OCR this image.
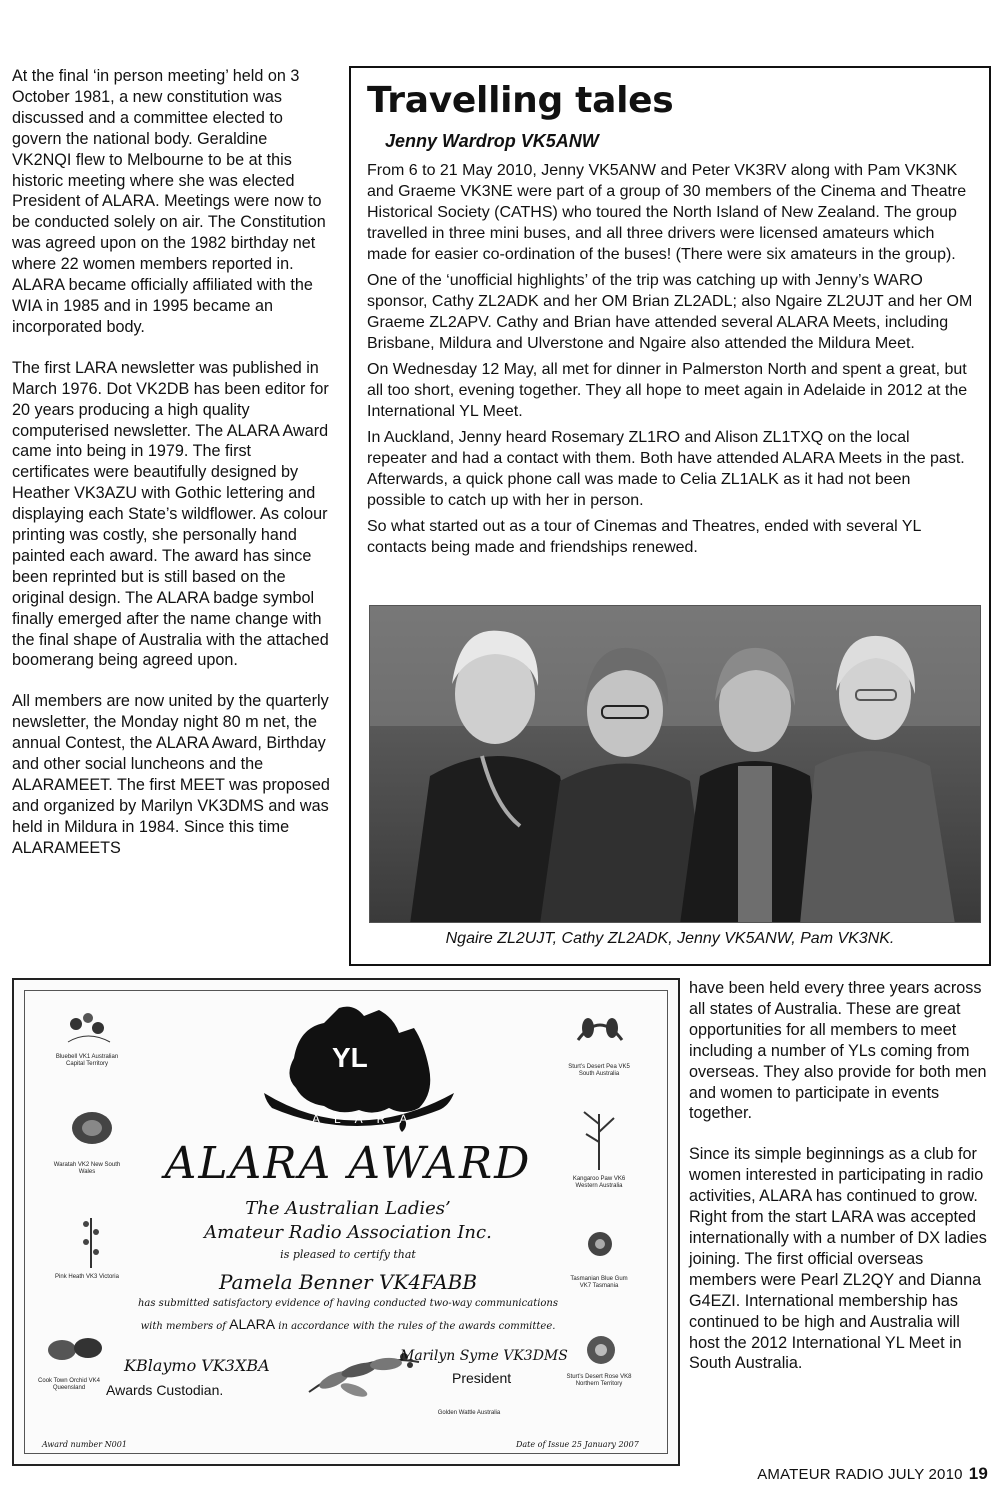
At the final ‘in person meeting’ held on 3 October 1981, a new constitution was discussed and a committee elected to govern the national body. Geraldine VK2NQI flew to Melbourne to be at this historic meeting where she was elected President of ALARA. Meetings were now to be conducted solely on air. The Constitution was agreed upon on the 1982 birthday net where 22 women members reported in. ALARA became officially affiliated with the WIA in 1985 and in 1995 became an incorporated body.

The first LARA newsletter was published in March 1976. Dot VK2DB has been editor for 20 years producing a high quality computerised newsletter. The ALARA Award came into being in 1979. The first certificates were beautifully designed by Heather VK3AZU with Gothic lettering and displaying each State’s wildflower. As colour printing was costly, she personally hand painted each award. The award has since been reprinted but is still based on the original design. The ALARA badge symbol finally emerged after the name change with the final shape of Australia with the attached boomerang being agreed upon.

All members are now united by the quarterly newsletter, the Monday night 80 m net, the annual Contest, the ALARA Award, Birthday and other social luncheons and the ALARAMEET. The first MEET was proposed and organized by Marilyn VK3DMS and was held in Mildura in 1984. Since this time ALARAMEETS

Travelling tales
Jenny Wardrop VK5ANW

From 6 to 21 May 2010, Jenny VK5ANW and Peter VK3RV along with Pam VK3NK and Graeme VK3NE were part of a group of 30 members of the Cinema and Theatre Historical Society (CATHS) who toured the North Island of New Zealand. The group travelled in three mini buses, and all three drivers were licensed amateurs which made for easier co-ordination of the buses! (There were six amateurs in the group).

One of the ‘unofficial highlights’ of the trip was catching up with Jenny’s WARO sponsor, Cathy ZL2ADK and her OM Brian ZL2ADL; also Ngaire ZL2UJT and her OM Graeme ZL2APV. Cathy and Brian have attended several ALARA Meets, including Brisbane, Mildura and Ulverstone and Ngaire also attended the Mildura Meet.

On Wednesday 12 May, all met for dinner in Palmerston North and spent a great, but all too short, evening together. They all hope to meet again in Adelaide in 2012 at the International YL Meet.

In Auckland, Jenny heard Rosemary ZL1RO and Alison ZL1TXQ on the local repeater and had a contact with them. Both have attended ALARA Meets in the past. Afterwards, a quick phone call was made to Celia ZL1ALK as it had not been possible to catch up with her in person.

So what started out as a tour of Cinemas and Theatres, ended with several YL contacts being made and friendships renewed.

Ngaire ZL2UJT, Cathy ZL2ADK, Jenny VK5ANW, Pam VK3NK.
YL
ALARA
ALARA AWARD
The Australian Ladies’
Amateur Radio Association Inc.
is pleased to certify that
Pamela Benner VK4FABB
has submitted satisfactory evidence of having conducted two-way communications
with members of ALARA in accordance with the rules of the awards committee.
KBlaymo VK3XBA
Awards Custodian.
Marilyn Syme VK3DMS
President
Award number N001	Date of Issue 25 January 2007
Bluebell VK1 Australian Capital Territory
Waratah VK2 New South Wales
Pink Heath VK3 Victoria
Cook Town Orchid VK4 Queensland
Golden Wattle Australia
Sturt’s Desert Pea VK5 South Australia
Kangaroo Paw VK6 Western Australia
Tasmanian Blue Gum VK7 Tasmania
Sturt’s Desert Rose VK8 Northern Territory

have been held every three years across all states of Australia. These are great opportunities for all members to meet including a number of YLs coming from overseas. They also provide for both men and women to participate in events together.

Since its simple beginnings as a club for women interested in participating in radio activities, ALARA has continued to grow. Right from the start LARA was accepted internationally with a number of DX ladies joining. The first official overseas members were Pearl ZL2QY and Dianna G4EZI. International membership has continued to be high and Australia will host the 2012 International YL Meet in South Australia.

AMATEUR RADIO JULY 2010 19
